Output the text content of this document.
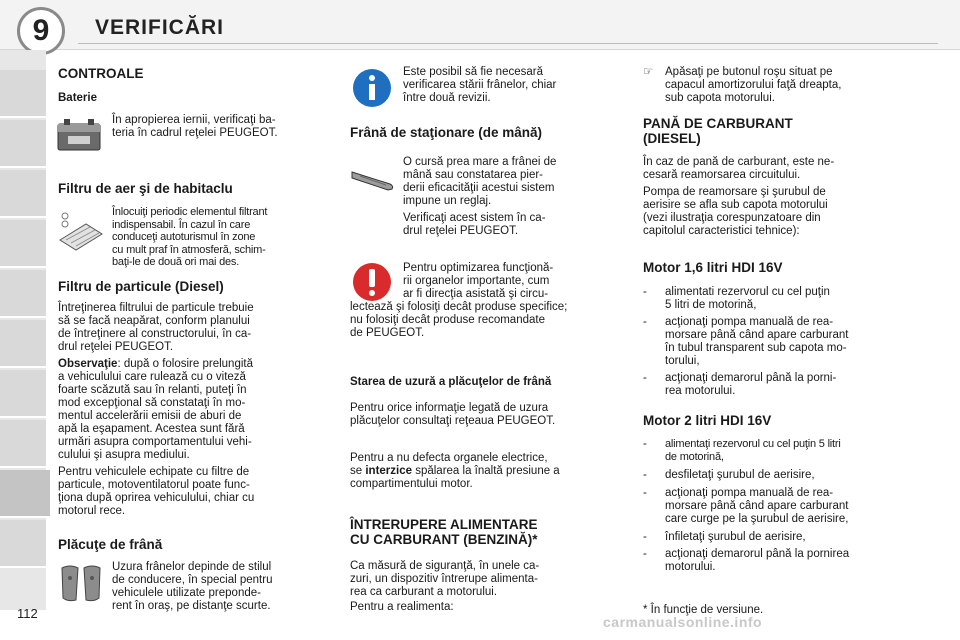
9	VERIFICĂRI
112
CONTROALE
Baterie
În apropierea iernii, verificaţi ba-
teria în cadrul reţelei PEUGEOT.
Filtru de aer şi de habitaclu
Înlocuiţi periodic elementul filtrant
indispensabil. În cazul în care
conduceţi autoturismul în zone
cu mult praf în atmosferă, schim-
baţi-le de două ori mai des.
Filtru de particule (Diesel)
Întreţinerea filtrului de particule trebuie
să se facă neapărat, conform planului
de întreţinere al constructorului, în ca-
drul reţelei PEUGEOT.
Observaţie: după o folosire prelungită
a vehiculului care rulează cu o viteză
foarte scăzută sau în relanti, puteţi în
mod excepţional să constataţi în mo-
mentul accelerării emisii de aburi de
apă la eşapament. Acestea sunt fără
urmări asupra comportamentului vehi-
culului şi asupra mediului.
Pentru vehiculele echipate cu filtre de
particule, motoventilatorul poate func-
ţiona după oprirea vehiculului, chiar cu
motorul rece.
Plăcuţe de frână
Uzura frânelor depinde de stilul
de conducere, în special pentru
vehiculele utilizate preponde-
rent în oraş, pe distanţe scurte.
Este posibil să fie necesară
verificarea stării frânelor, chiar
între două revizii.
Frână de staţionare (de mână)
O cursă prea mare a frânei de
mână sau constatarea pier-
derii eficacităţii acestui sistem
impune un reglaj.
Verificaţi acest sistem în ca-
drul reţelei PEUGEOT.
Pentru optimizarea funcţionă-
rii organelor importante, cum
ar fi direcţia asistată şi circu-
lectează şi folosiţi decât produse specifice;
nu folosiţi decât produse recomandate
de PEUGEOT.
Starea de uzură a plăcuţelor de frână
Pentru orice informaţie legată de uzura
plăcuţelor consultaţi reţeaua PEUGEOT.
Pentru a nu defecta organele electrice,
se interzice spălarea la înaltă presiune a
compartimentului motor.
ÎNTRERUPERE ALIMENTARE
CU CARBURANT (BENZINĂ)*
Ca măsură de siguranţă, în unele ca-
zuri, un dispozitiv întrerupe alimenta-
rea ca carburant a motorului.
Pentru a realimenta:
☞ Apăsaţi pe butonul roşu situat pe
capacul amortizorului faţă dreapta,
sub capota motorului.
PANĂ DE CARBURANT
(DIESEL)
În caz de pană de carburant, este ne-
cesară reamorsarea circuitului.
Pompa de reamorsare şi şurubul de
aerisire se afla sub capota motorului
(vezi ilustraţia corespunzatoare din
capitolul caracteristici tehnice):
Motor 1,6 litri HDI 16V
- alimentati rezervorul cu cel puţin
5 litri de motorină,
- acţionaţi pompa manuală de rea-
morsare până când apare carburant
în tubul transparent sub capota mo-
torului,
- acţionaţi demarorul până la porni-
rea motorului.
Motor 2 litri HDI 16V
- alimentaţi rezervorul cu cel puţin 5 litri
de motorină,
- desfiletaţi şurubul de aerisire,
- acţionaţi pompa manuală de rea-
morsare până când apare carburant
care curge pe la şurubul de aerisire,
- înfiletaţi şurubul de aerisire,
- acţionaţi demarorul până la pornirea
motorului.
* În funcţie de versiune.
carmanualsonline.info
